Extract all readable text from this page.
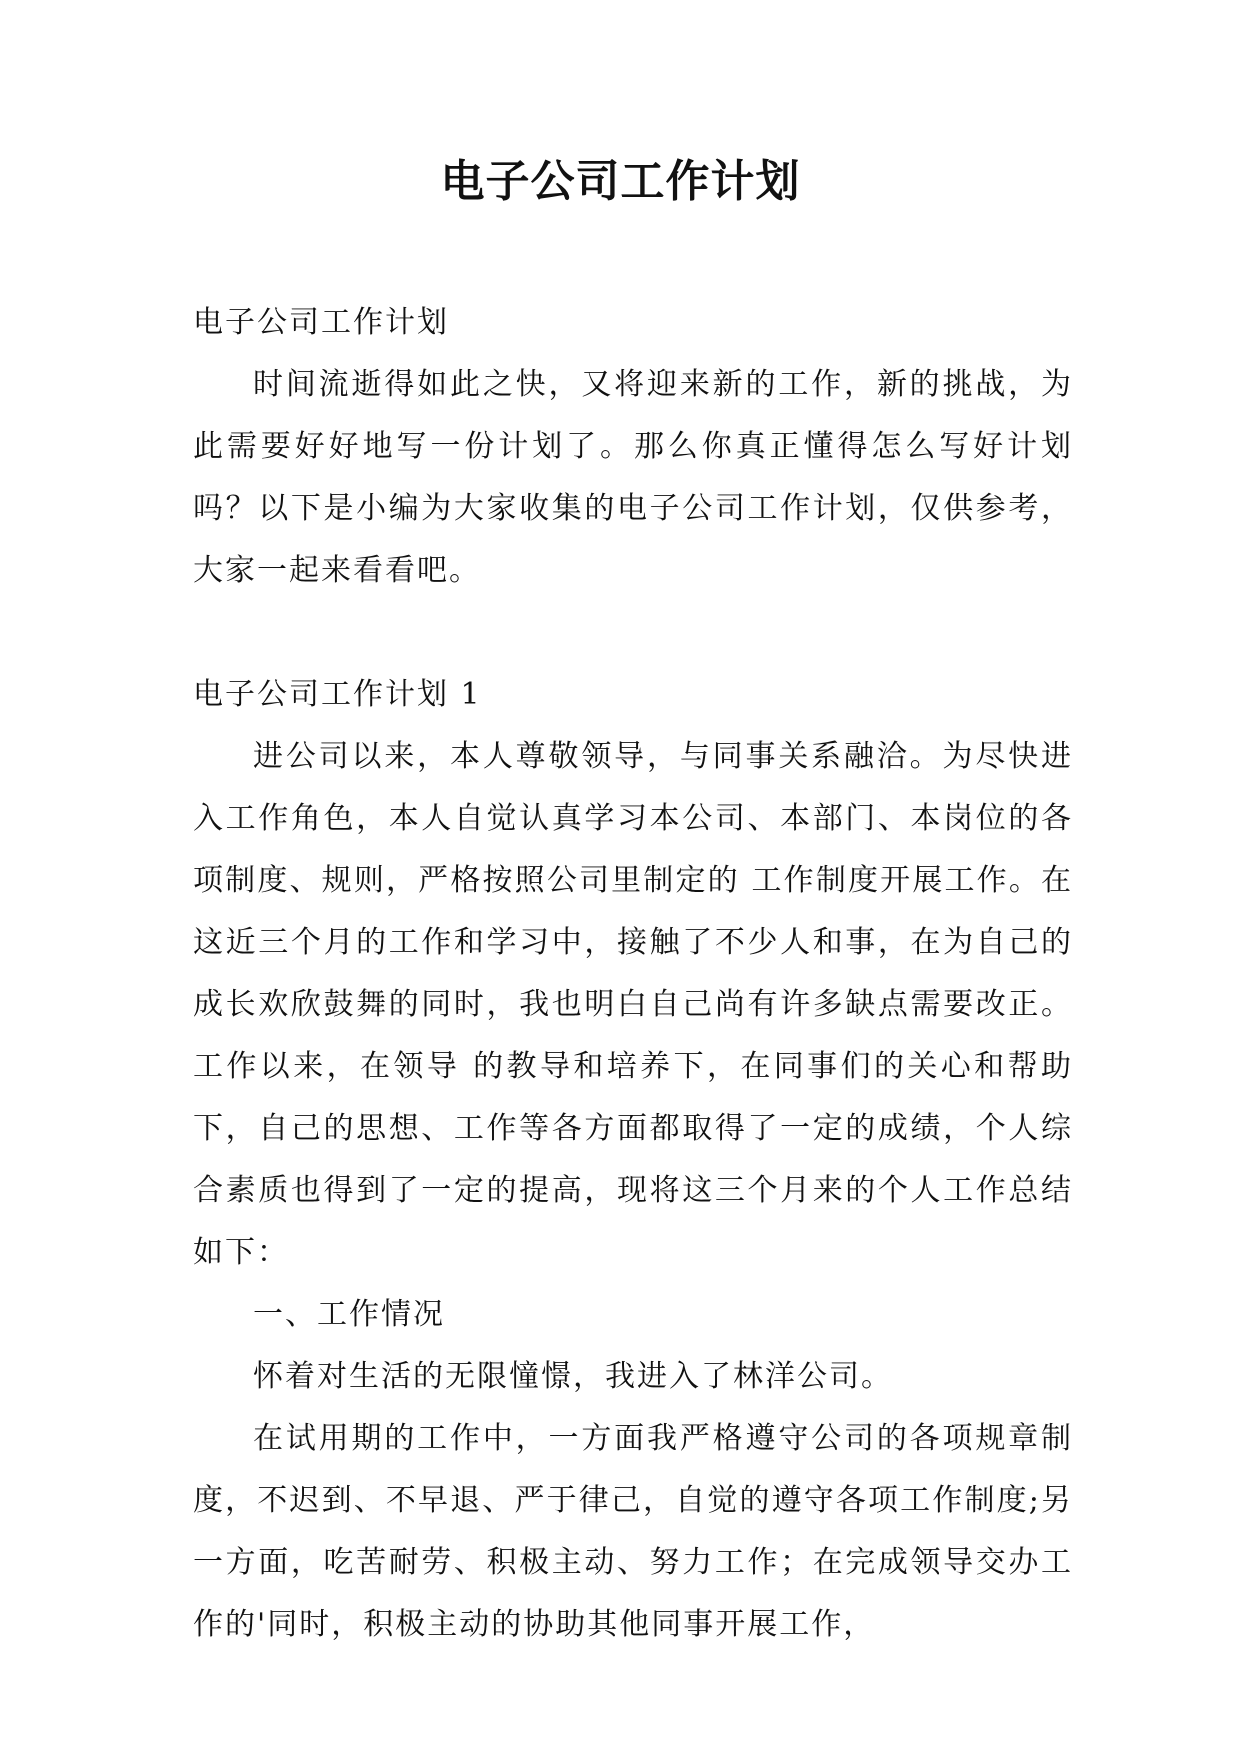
电子公司工作计划

电子公司工作计划

时间流逝得如此之快，又将迎来新的工作，新的挑战，为此需要好好地写一份计划了。那么你真正懂得怎么写好计划吗？以下是小编为大家收集的电子公司工作计划，仅供参考，大家一起来看看吧。

电子公司工作计划 1

进公司以来，本人尊敬领导，与同事关系融洽。为尽快进入工作角色，本人自觉认真学习本公司、本部门、本岗位的各项制度、规则，严格按照公司里制定的 工作制度开展工作。在这近三个月的工作和学习中，接触了不少人和事，在为自己的成长欢欣鼓舞的同时，我也明白自己尚有许多缺点需要改正。工作以来，在领导 的教导和培养下，在同事们的关心和帮助下，自己的思想、工作等各方面都取得了一定的成绩，个人综合素质也得到了一定的提高，现将这三个月来的个人工作总结 如下：

一、工作情况

怀着对生活的无限憧憬，我进入了林洋公司。

在试用期的工作中，一方面我严格遵守公司的各项规章制度，不迟到、不早退、严于律己，自觉的遵守各项工作制度;另一方面，吃苦耐劳、积极主动、努力工作；在完成领导交办工作的'同时，积极主动的协助其他同事开展工作，
